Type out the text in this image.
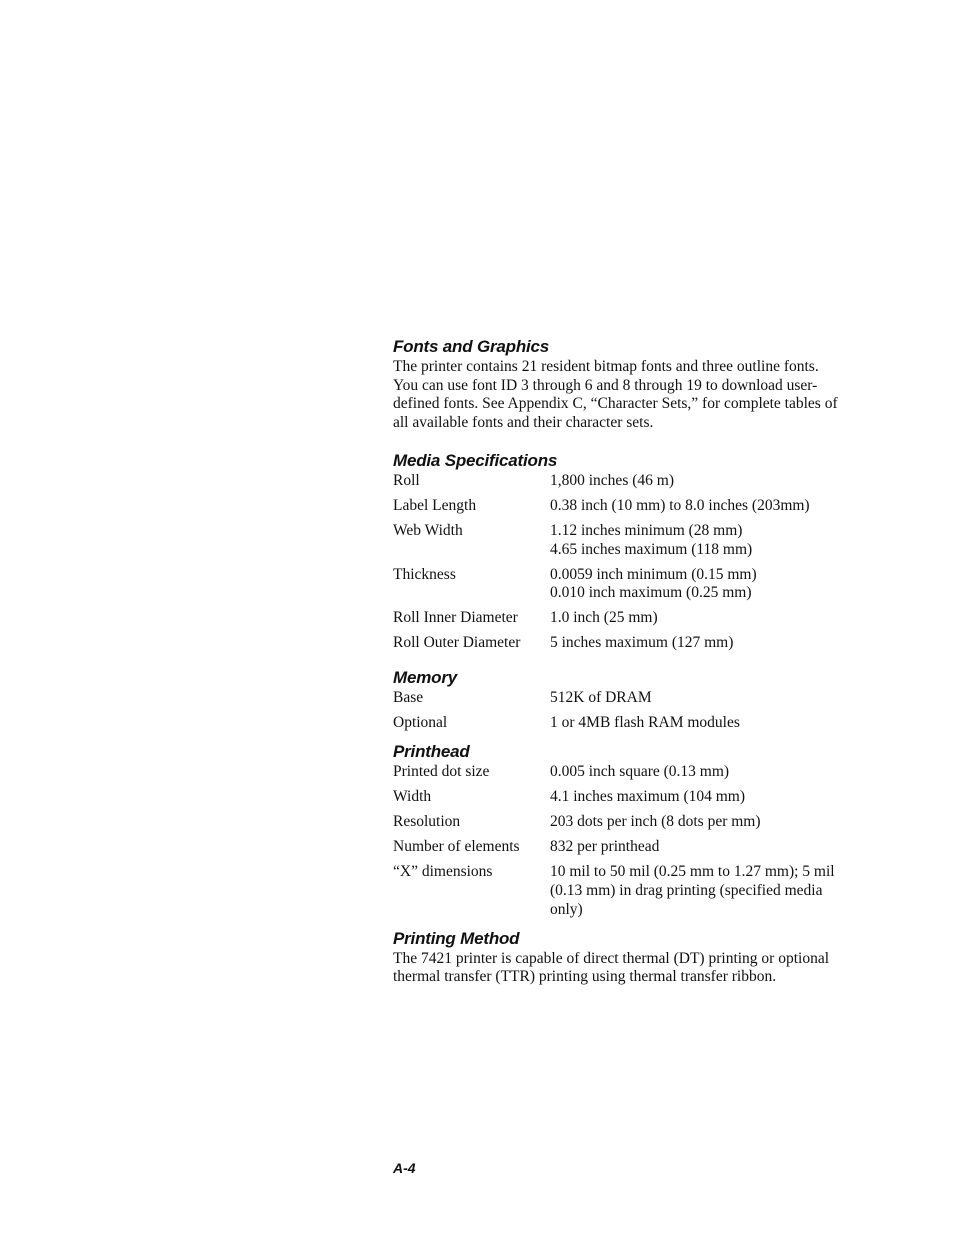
Fonts and Graphics

The printer contains 21 resident bitmap fonts and three outline fonts. You can use font ID 3 through 6 and 8 through 19 to download user-defined fonts. See Appendix C, “Character Sets,” for complete tables of all available fonts and their character sets.

Media Specifications
Roll	1,800 inches (46 m)
Label Length	0.38 inch (10 mm) to 8.0 inches (203mm)
Web Width	1.12 inches minimum (28 mm)
4.65 inches maximum (118 mm)
Thickness	0.0059 inch minimum (0.15 mm)
0.010 inch maximum (0.25 mm)
Roll Inner Diameter	1.0 inch (25 mm)
Roll Outer Diameter	5 inches maximum (127 mm)
Memory
Base	512K of DRAM
Optional	1 or 4MB flash RAM modules
Printhead
Printed dot size	0.005 inch square (0.13 mm)
Width	4.1 inches maximum (104 mm)
Resolution	203 dots per inch (8 dots per mm)
Number of elements	832 per printhead
“X” dimensions	10 mil to 50 mil (0.25 mm to 1.27 mm); 5 mil (0.13 mm) in drag printing (specified media only)
Printing Method

The 7421 printer is capable of direct thermal (DT) printing or optional thermal transfer (TTR) printing using thermal transfer ribbon.

A-4
